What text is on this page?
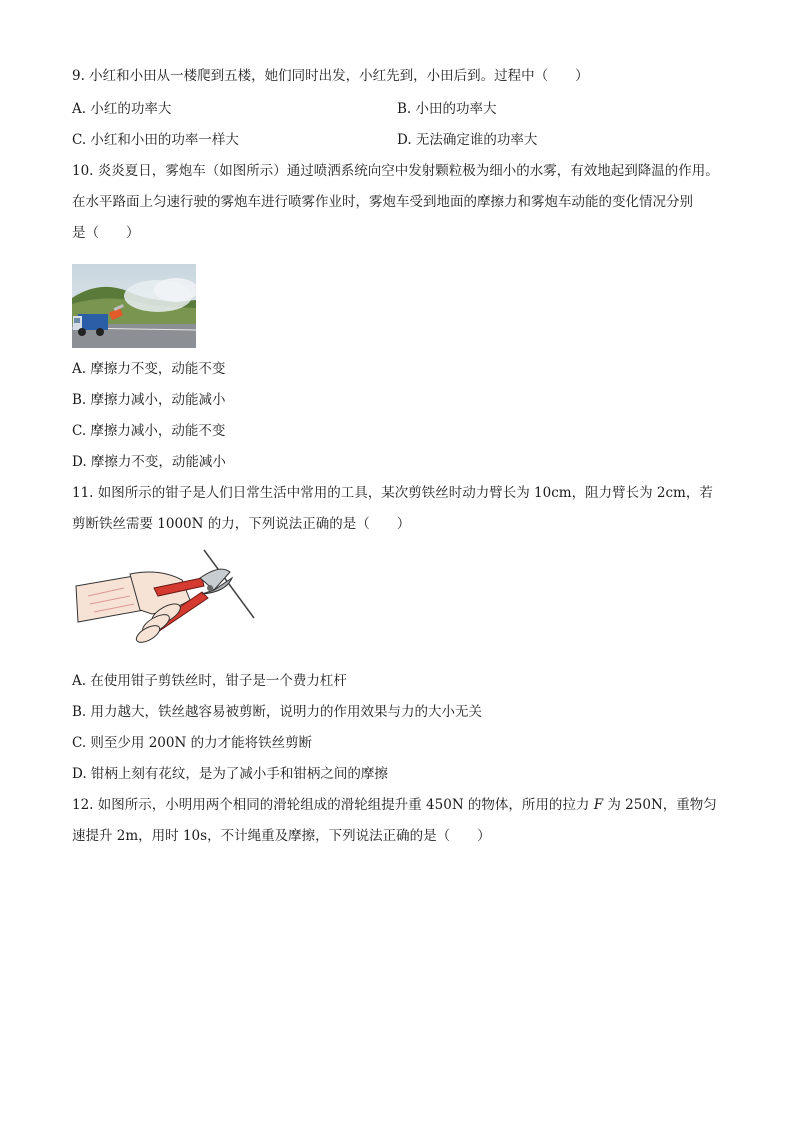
9. 小红和小田从一楼爬到五楼，她们同时出发，小红先到，小田后到。过程中（　　）
A. 小红的功率大	B. 小田的功率大
C. 小红和小田的功率一样大	D. 无法确定谁的功率大
10. 炎炎夏日，雾炮车（如图所示）通过喷洒系统向空中发射颗粒极为细小的水雾，有效地起到降温的作用。
在水平路面上匀速行驶的雾炮车进行喷雾作业时，雾炮车受到地面的摩擦力和雾炮车动能的变化情况分别
是（　　）
A. 摩擦力不变，动能不变
B. 摩擦力减小，动能减小
C. 摩擦力减小，动能不变
D. 摩擦力不变，动能减小
11. 如图所示的钳子是人们日常生活中常用的工具，某次剪铁丝时动力臂长为 10cm，阻力臂长为 2cm，若
剪断铁丝需要 1000N 的力，下列说法正确的是（　　）
A. 在使用钳子剪铁丝时，钳子是一个费力杠杆
B. 用力越大，铁丝越容易被剪断，说明力的作用效果与力的大小无关
C. 则至少用 200N 的力才能将铁丝剪断
D. 钳柄上刻有花纹，是为了减小手和钳柄之间的摩擦
12. 如图所示，小明用两个相同的滑轮组成的滑轮组提升重 450N 的物体，所用的拉力 F 为 250N，重物匀
速提升 2m，用时 10s，不计绳重及摩擦，下列说法正确的是（　　）
